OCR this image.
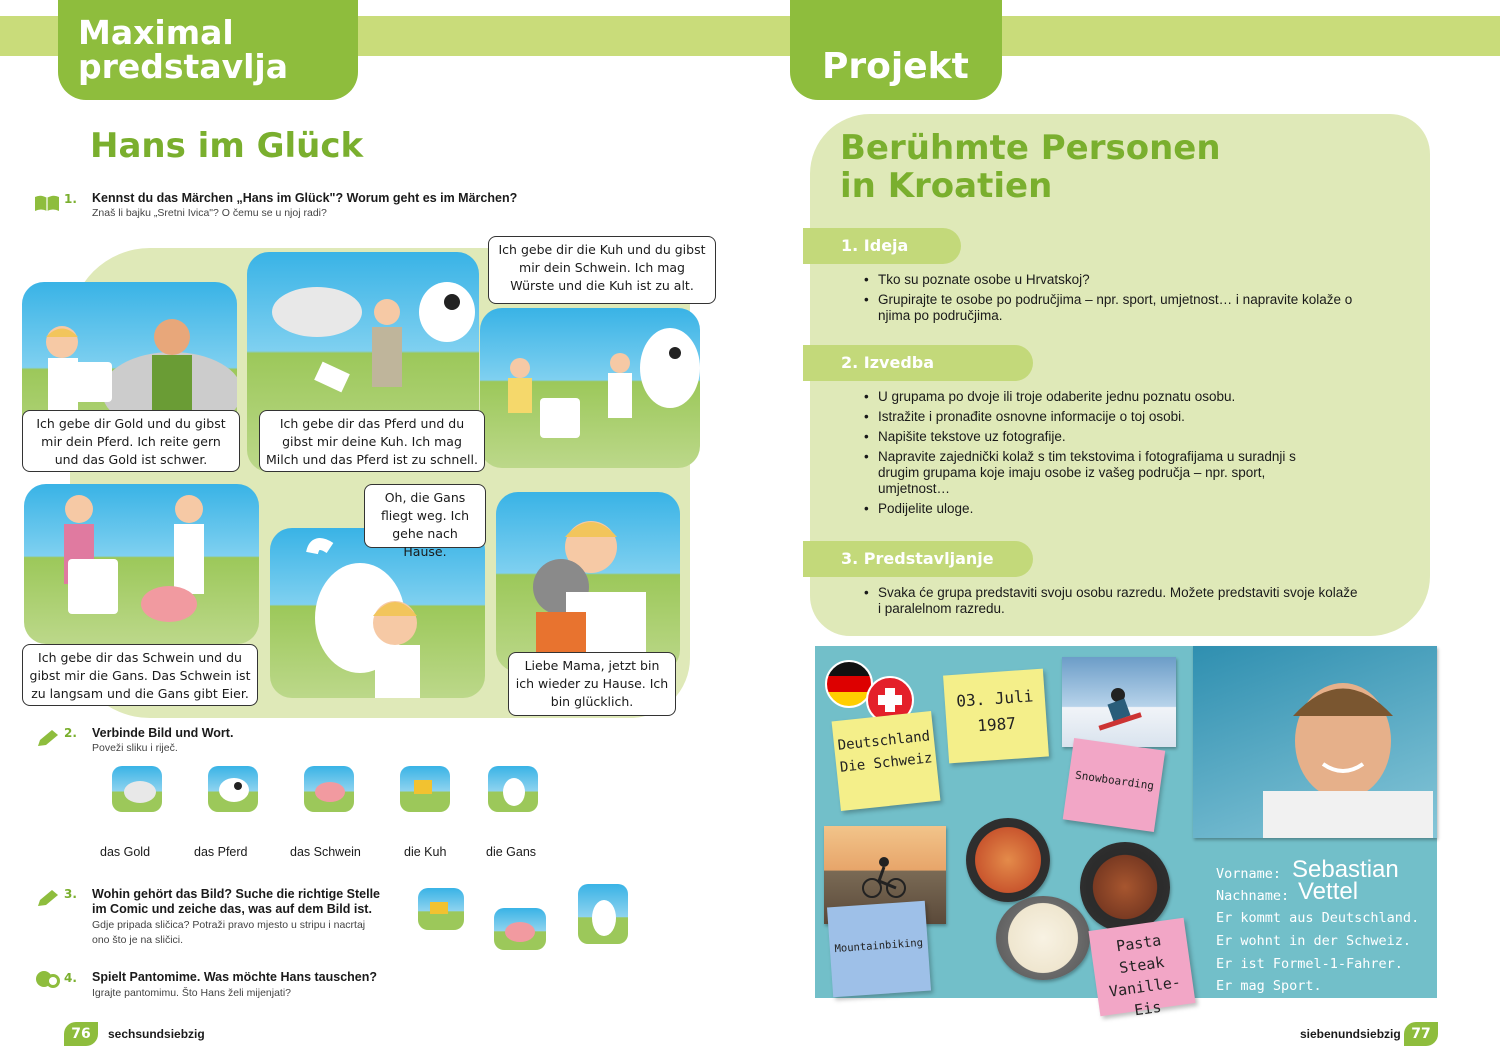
Maximal
predstavlja	Projekt
Hans im Glück
1. Kennst du das Märchen „Hans im Glück"? Worum geht es im Märchen?
Znaš li bajku „Sretni Ivica"? O čemu se u njoj radi?
Ich gebe dir Gold und du gibst mir dein Pferd. Ich reite gern und das Gold ist schwer.
Ich gebe dir das Pferd und du gibst mir deine Kuh. Ich mag Milch und das Pferd ist zu schnell.
Ich gebe dir die Kuh und du gibst mir dein Schwein. Ich mag Würste und die Kuh ist zu alt.
Ich gebe dir das Schwein und du gibst mir die Gans. Das Schwein ist zu langsam und die Gans gibt Eier.
Oh, die Gans fliegt weg. Ich gehe nach Hause.
Liebe Mama, jetzt bin ich wieder zu Hause. Ich bin glücklich.
2. Verbinde Bild und Wort.
Poveži sliku i riječ.
das Gold	das Pferd	das Schwein	die Kuh	die Gans
3. Wohin gehört das Bild? Suche die richtige Stelle
im Comic und zeiche das, was auf dem Bild ist.
Gdje pripada sličica? Potraži pravo mjesto u stripu i nacrtaj
ono što je na sličici.
4. Spielt Pantomime. Was möchte Hans tauschen?
Igrajte pantomimu. Što Hans želi mijenjati?
76	sechsundsiebzig
Berühmte Personen
in Kroatien
1. Ideja
• Tko su poznate osobe u Hrvatskoj?
• Grupirajte te osobe po područjima – npr. sport, umjetnost… i napravite kolaže o njima po područjima.
2. Izvedba
• U grupama po dvoje ili troje odaberite jednu poznatu osobu.
• Istražite i pronađite osnovne informacije o toj osobi.
• Napišite tekstove uz fotografije.
• Napravite zajednički kolaž s tim tekstovima i fotografijama u suradnji s drugim grupama koje imaju osobe iz vašeg područja – npr. sport, umjetnost…
• Podijelite uloge.
3. Predstavljanje
• Svaka će grupa predstaviti svoju osobu razredu. Možete predstaviti svoje kolaže i paralelnom razredu.
Deutschland Die Schweiz
03. Juli 1987
Snowboarding
Mountainbiking	Pasta Steak Vanille-Eis
Vorname: Sebastian
Nachname: Vettel
Er kommt aus Deutschland.
Er wohnt in der Schweiz.
Er ist Formel-1-Fahrer.
Er mag Sport.
siebenundsiebzig 77
